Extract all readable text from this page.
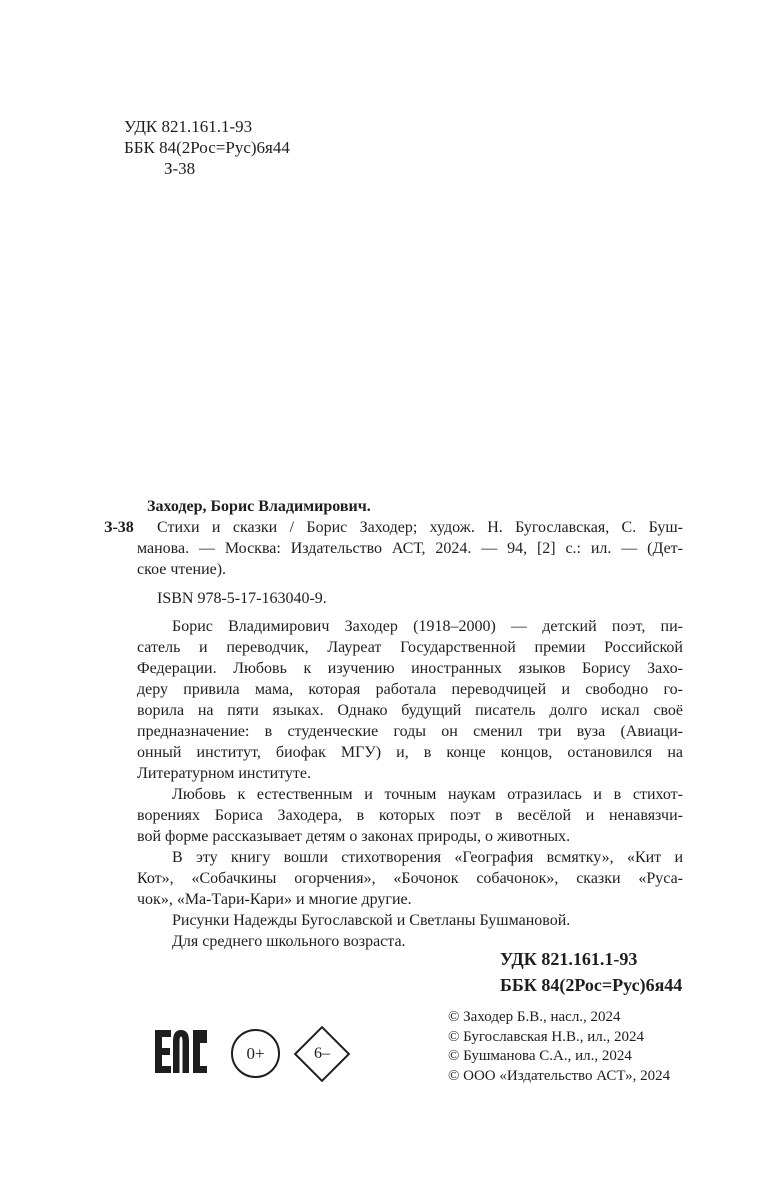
УДК 821.161.1-93
ББК 84(2Рос=Рус)6я44
З-38
З-38
Заходер, Борис Владимирович.
Стихи и сказки / Борис Заходер; худож. Н. Бугославская, С. Буш-
манова. — Москва: Издательство АСТ, 2024. — 94, [2] с.: ил. — (Дет-
ское чтение).
ISBN 978-5-17-163040-9.
Борис Владимирович Заходер (1918–2000) — детский поэт, пи-
сатель и переводчик, Лауреат Государственной премии Российской
Федерации. Любовь к изучению иностранных языков Борису Захо-
деру привила мама, которая работала переводчицей и свободно го-
ворила на пяти языках. Однако будущий писатель долго искал своё
предназначение: в студенческие годы он сменил три вуза (Авиаци-
онный институт, биофак МГУ) и, в конце концов, остановился на
Литературном институте.
Любовь к естественным и точным наукам отразилась и в стихот-
ворениях Бориса Заходера, в которых поэт в весёлой и ненавязчи-
вой форме рассказывает детям о законах природы, о животных.
В эту книгу вошли стихотворения «География всмятку», «Кит и
Кот», «Собачкины огорчения», «Бочонок собачонок», сказки «Руса-
чок», «Ма-Тари-Кари» и многие другие.
Рисунки Надежды Бугославской и Светланы Бушмановой.
Для среднего школьного возраста.
УДК 821.161.1-93
ББК 84(2Рос=Рус)6я44
© Заходер Б.В., насл., 2024
© Бугославская Н.В., ил., 2024
© Бушманова С.А., ил., 2024
© ООО «Издательство АСТ», 2024
0+	6–
